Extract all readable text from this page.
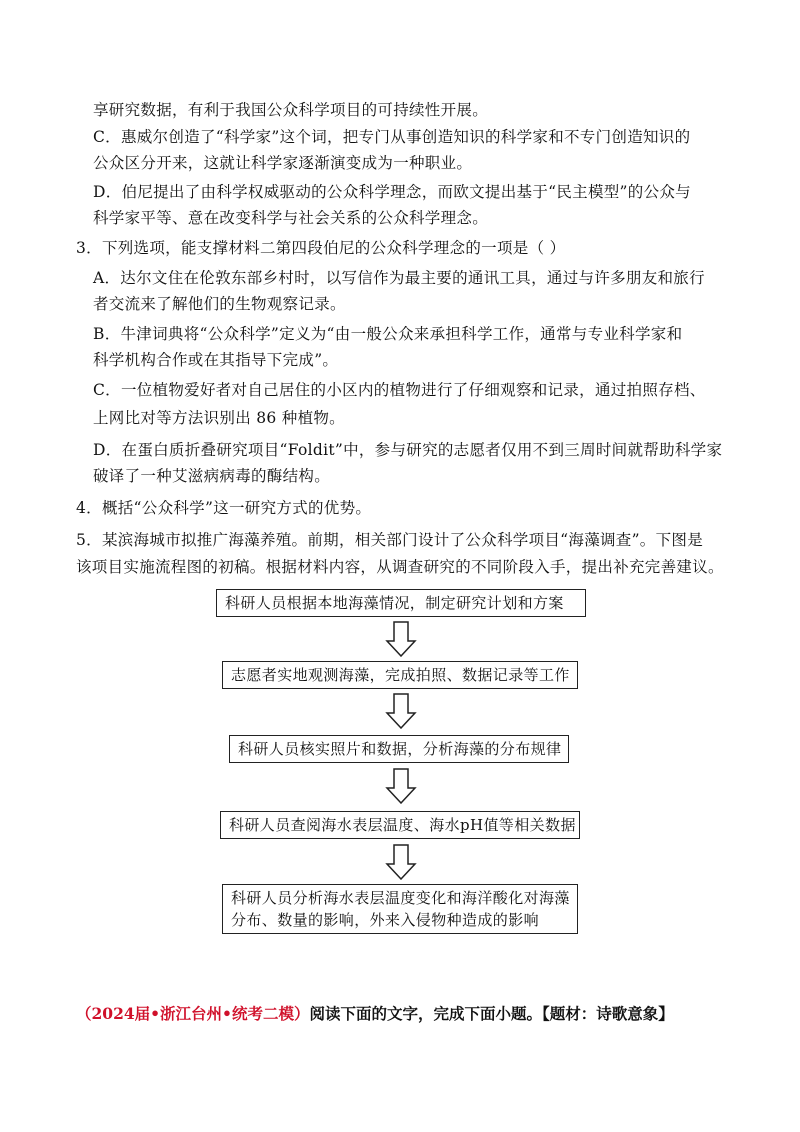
享研究数据，有利于我国公众科学项目的可持续性开展。
C．惠威尔创造了“科学家”这个词，把专门从事创造知识的科学家和不专门创造知识的
公众区分开来，这就让科学家逐渐演变成为一种职业。
D．伯尼提出了由科学权威驱动的公众科学理念，而欧文提出基于“民主模型”的公众与
科学家平等、意在改变科学与社会关系的公众科学理念。
3．下列选项，能支撑材料二第四段伯尼的公众科学理念的一项是（ ）
A．达尔文住在伦敦东部乡村时，以写信作为最主要的通讯工具，通过与许多朋友和旅行
者交流来了解他们的生物观察记录。
B．牛津词典将“公众科学”定义为“由一般公众来承担科学工作，通常与专业科学家和
科学机构合作或在其指导下完成”。
C．一位植物爱好者对自己居住的小区内的植物进行了仔细观察和记录，通过拍照存档、
上网比对等方法识别出 86 种植物。
D．在蛋白质折叠研究项目“Foldit”中，参与研究的志愿者仅用不到三周时间就帮助科学家
破译了一种艾滋病病毒的酶结构。
4．概括“公众科学”这一研究方式的优势。
5．某滨海城市拟推广海藻养殖。前期，相关部门设计了公众科学项目“海藻调查”。下图是
该项目实施流程图的初稿。根据材料内容，从调查研究的不同阶段入手，提出补充完善建议。
科研人员根据本地海藻情况，制定研究计划和方案
志愿者实地观测海藻，完成拍照、数据记录等工作
科研人员核实照片和数据，分析海藻的分布规律
科研人员查阅海水表层温度、海水pH值等相关数据
科研人员分析海水表层温度变化和海洋酸化对海藻
分布、数量的影响，外来入侵物种造成的影响
（2024届•浙江台州•统考二模）阅读下面的文字，完成下面小题。【题材：诗歌意象】
